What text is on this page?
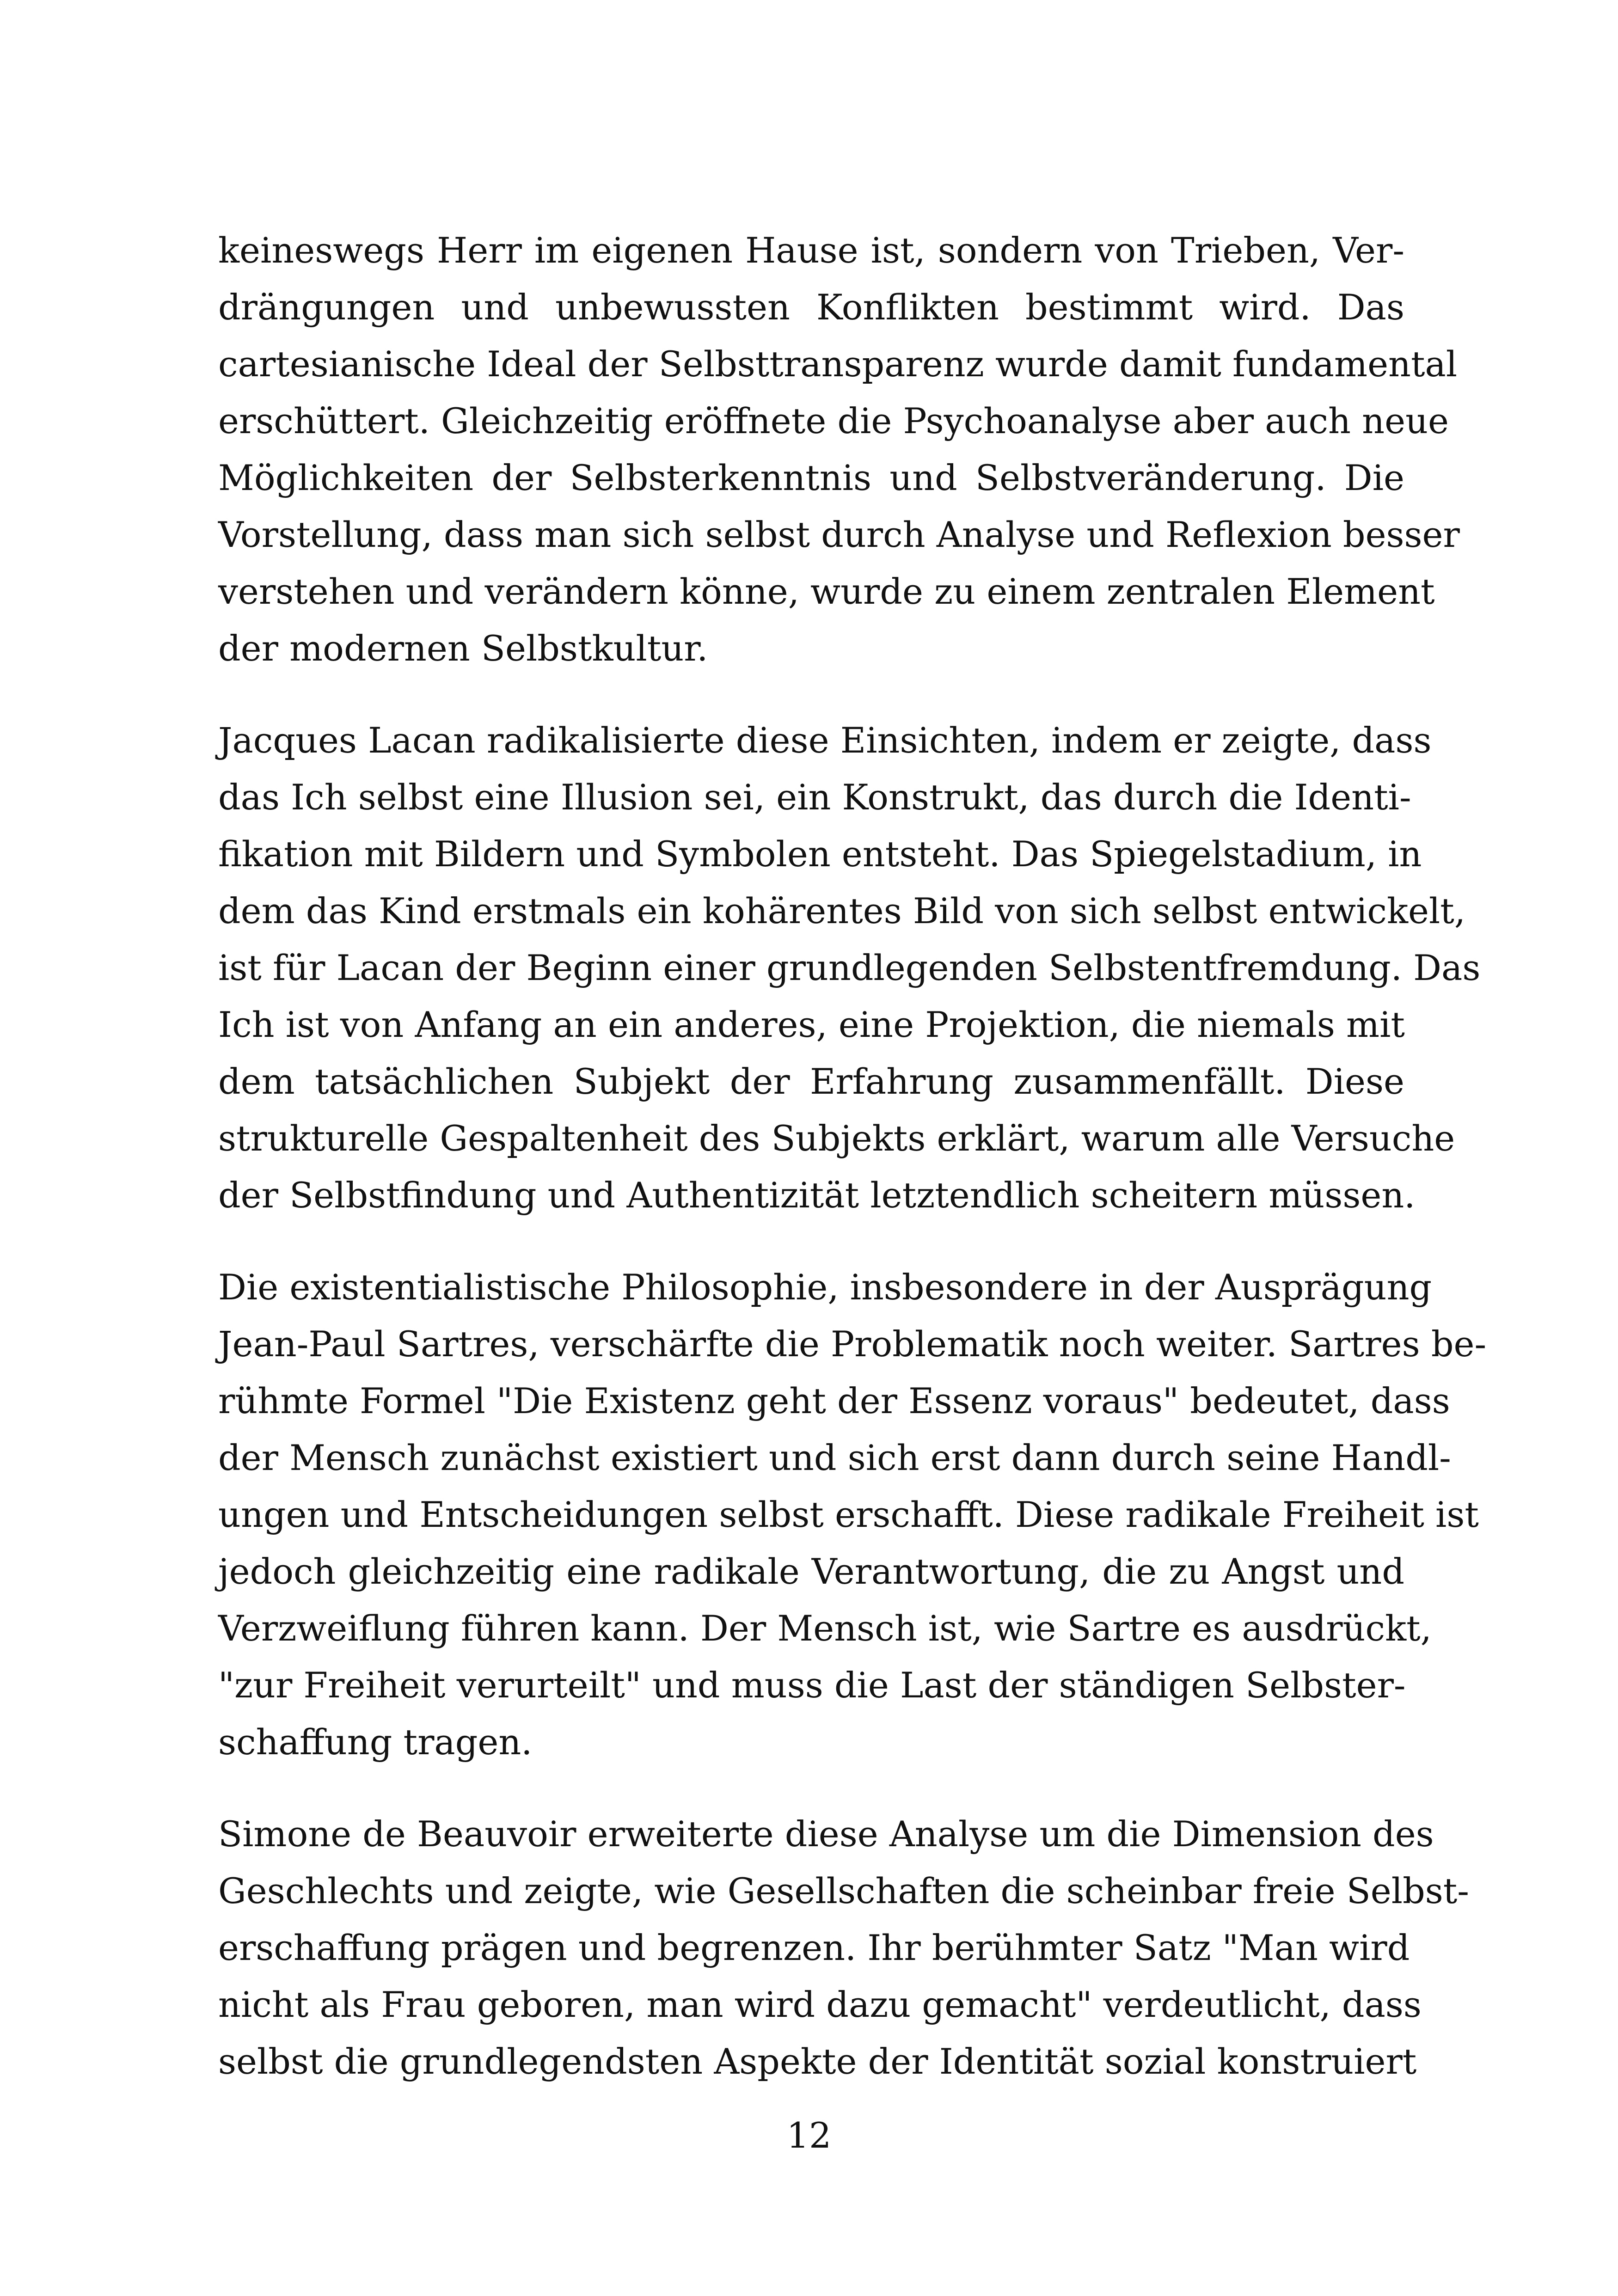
keineswegs Herr im eigenen Hause ist, sondern von Trieben, Ver-
drängungen und unbewussten Konflikten bestimmt wird. Das
cartesianische Ideal der Selbsttransparenz wurde damit fundamental
erschüttert. Gleichzeitig eröffnete die Psychoanalyse aber auch neue
Möglichkeiten der Selbsterkenntnis und Selbstveränderung. Die
Vorstellung, dass man sich selbst durch Analyse und Reflexion besser
verstehen und verändern könne, wurde zu einem zentralen Element
der modernen Selbstkultur.
Jacques Lacan radikalisierte diese Einsichten, indem er zeigte, dass
das Ich selbst eine Illusion sei, ein Konstrukt, das durch die Identi-
fikation mit Bildern und Symbolen entsteht. Das Spiegelstadium, in
dem das Kind erstmals ein kohärentes Bild von sich selbst entwickelt,
ist für Lacan der Beginn einer grundlegenden Selbstentfremdung. Das
Ich ist von Anfang an ein anderes, eine Projektion, die niemals mit
dem tatsächlichen Subjekt der Erfahrung zusammenfällt. Diese
strukturelle Gespaltenheit des Subjekts erklärt, warum alle Versuche
der Selbstfindung und Authentizität letztendlich scheitern müssen.
Die existentialistische Philosophie, insbesondere in der Ausprägung
Jean-Paul Sartres, verschärfte die Problematik noch weiter. Sartres be-
rühmte Formel "Die Existenz geht der Essenz voraus" bedeutet, dass
der Mensch zunächst existiert und sich erst dann durch seine Handl-
ungen und Entscheidungen selbst erschafft. Diese radikale Freiheit ist
jedoch gleichzeitig eine radikale Verantwortung, die zu Angst und
Verzweiflung führen kann. Der Mensch ist, wie Sartre es ausdrückt,
"zur Freiheit verurteilt" und muss die Last der ständigen Selbster-
schaffung tragen.
Simone de Beauvoir erweiterte diese Analyse um die Dimension des
Geschlechts und zeigte, wie Gesellschaften die scheinbar freie Selbst-
erschaffung prägen und begrenzen. Ihr berühmter Satz "Man wird
nicht als Frau geboren, man wird dazu gemacht" verdeutlicht, dass
selbst die grundlegendsten Aspekte der Identität sozial konstruiert
12
